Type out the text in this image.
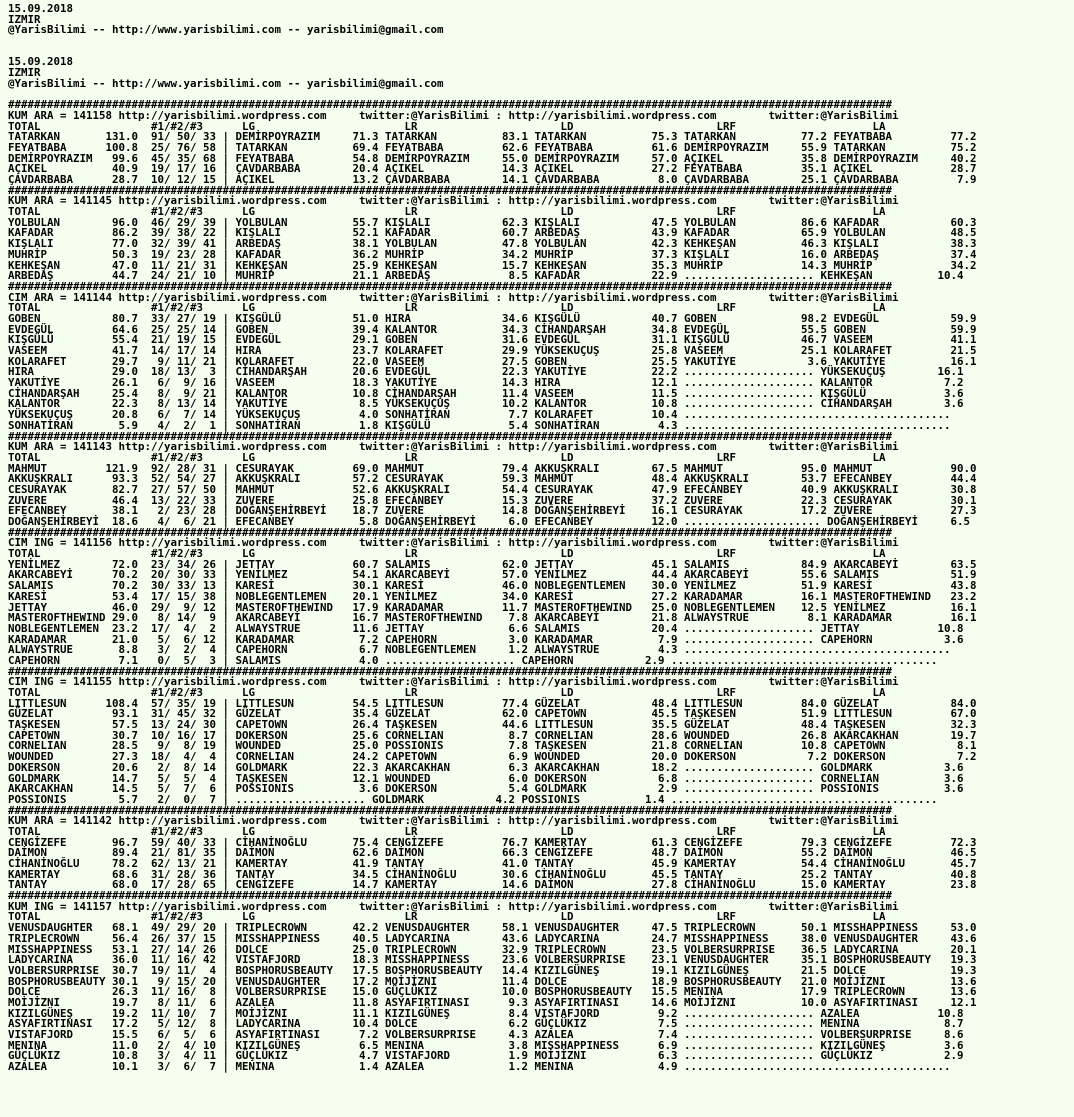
15.09.2018
IZMIR
@YarisBilimi -- http://www.yarisbilimi.com -- yarisbilimi@gmail.com

15.09.2018
IZMIR
@YarisBilimi -- http://www.yarisbilimi.com -- yarisbilimi@gmail.com

########################################################################################################################################
KUM ARA = 141158 http://yarisbilimi.wordpress.com     twitter:@YarisBilimi : http://yarisbilimi.wordpress.com        twitter:@YarisBilimi
TOTAL                 #1/#2/#3      LG                       LR                      LD                      LRF                     LA
TATARKAN       131.0  91/ 50/ 33 | DEMİRPOYRAZIM     71.3 TATARKAN          83.1 TATARKAN          75.3 TATARKAN          77.2 FEYATBABA         77.2
FEYATBABA      100.8  25/ 76/ 58 | TATARKAN          69.4 FEYATBABA         62.6 FEYATBABA         61.6 DEMİRPOYRAZIM     55.9 TATARKAN          75.2
DEMİRPOYRAZIM   99.6  45/ 35/ 68 | FEYATBABA         54.8 DEMİRPOYRAZIM     55.0 DEMİRPOYRAZIM     57.0 AÇIKEL            35.8 DEMİRPOYRAZIM     40.2
AÇIKEL          40.9  19/ 17/ 16 | ÇAVDARBABA        20.4 AÇIKEL            14.3 AÇIKEL            27.2 FEYATBABA         35.1 AÇIKEL            28.7
ÇAVDARBABA      28.7  10/ 12/ 15 | AÇIKEL            13.2 ÇAVDARBABA        14.1 ÇAVDARBABA         8.0 ÇAVDARBABA        25.1 ÇAVDARBABA         7.9
########################################################################################################################################
KUM ARA = 141145 http://yarisbilimi.wordpress.com     twitter:@YarisBilimi : http://yarisbilimi.wordpress.com        twitter:@YarisBilimi
TOTAL                 #1/#2/#3      LG                       LR                      LD                      LRF                     LA
YOLBULAN        96.0  46/ 29/ 39 | YOLBULAN          55.7 KIŞLALI           62.3 KIŞLALI           47.5 YOLBULAN          86.6 KAFADAR           60.3
KAFADAR         86.2  39/ 38/ 22 | KIŞLALI           52.1 KAFADAR           60.7 ARBEDAŞ           43.9 KAFADAR           65.9 YOLBULAN          48.5
KIŞLALI         77.0  32/ 39/ 41 | ARBEDAŞ           38.1 YOLBULAN          47.8 YOLBULAN          42.3 KEHKEŞAN          46.3 KIŞLALI           38.3
MUHRİP          50.3  19/ 23/ 28 | KAFADAR           36.2 MUHRİP            34.2 MUHRİP            37.3 KIŞLALI           16.0 ARBEDAŞ           37.4
KEHKEŞAN        47.0  11/ 21/ 31 | KEHKEŞAN          25.9 KEHKEŞAN          15.7 KEHKEŞAN          35.3 MUHRİP            14.3 MUHRİP            34.2
ARBEDAŞ         44.7  24/ 21/ 10 | MUHRİP            21.1 ARBEDAŞ            8.5 KAFADAR           22.9 .................... KEHKEŞAN          10.4
########################################################################################################################################
CIM ARA = 141144 http://yarisbilimi.wordpress.com     twitter:@YarisBilimi : http://yarisbilimi.wordpress.com        twitter:@YarisBilimi
TOTAL                 #1/#2/#3      LG                       LR                      LD                      LRF                     LA
GOBEN           80.7  33/ 27/ 19 | KIŞGÜLÜ           51.0 HIRA              34.6 KIŞGÜLÜ           40.7 GOBEN             98.2 EVDEGÜL           59.9
EVDEGÜL         64.6  25/ 25/ 14 | GOBEN             39.4 KALANTOR          34.3 CİHANDARŞAH       34.8 EVDEGÜL           55.5 GOBEN             59.9
KIŞGÜLÜ         55.4  21/ 19/ 15 | EVDEGÜL           29.1 GOBEN             31.6 EVDEGÜL           31.1 KIŞGÜLÜ           46.7 VASEEM            41.1
VASEEM          41.7  14/ 17/ 14 | HIRA              23.7 KOLARAFET         29.9 YÜKSEKUÇUŞ        25.8 VASEEM            25.1 KOLARAFET         21.5
KOLARAFET       29.7   9/ 11/ 21 | KOLARAFET         22.0 VASEEM            27.5 GOBEN             25.5 YAKUTİYE           3.6 YAKUTİYE          16.1
HIRA            29.0  18/ 13/  3 | CİHANDARŞAH       20.6 EVDEGÜL           22.3 YAKUTİYE          22.2 .................... YÜKSEKUÇUŞ        16.1
YAKUTİYE        26.1   6/  9/ 16 | VASEEM            18.3 YAKUTİYE          14.3 HIRA              12.1 .................... KALANTOR           7.2
CİHANDARŞAH     25.4   8/  9/ 21 | KALANTOR          10.8 CİHANDARŞAH       11.4 VASEEM            11.5 .................... KIŞGÜLÜ            3.6
KALANTOR        22.3   8/ 13/ 14 | YAKUTİYE           8.5 YÜKSEKUÇUŞ        10.2 KALANTOR          10.8 .................... CİHANDARŞAH        3.6
YÜKSEKUÇUŞ      20.8   6/  7/ 14 | YÜKSEKUÇUŞ         4.0 SONHATİRAN         7.7 KOLARAFET         10.4 .........................................
SONHATİRAN       5.9   4/  2/  1 | SONHATİRAN         1.8 KIŞGÜLÜ            5.4 SONHATİRAN         4.3 .........................................
########################################################################################################################################
KUM ARA = 141143 http://yarisbilimi.wordpress.com     twitter:@YarisBilimi : http://yarisbilimi.wordpress.com        twitter:@YarisBilimi
TOTAL                 #1/#2/#3      LG                       LR                      LD                      LRF                     LA
MAHMUT         121.9  92/ 28/ 31 | CESURAYAK         69.0 MAHMUT            79.4 AKKUŞKRALI        67.5 MAHMUT            95.0 MAHMUT            90.0
AKKUŞKRALI      93.3  52/ 54/ 27 | AKKUŞKRALI        57.2 CESURAYAK         59.3 MAHMUT            48.4 AKKUŞKRALI        53.7 EFECANBEY         44.4
CESURAYAK       82.7  27/ 57/ 50 | MAHMUT            52.6 AKKUŞKRALI        54.4 CESURAYAK         47.9 EFECANBEY         40.9 AKKUŞKRALI        30.8
ZUVERE          46.4  13/ 22/ 33 | ZUVERE            25.8 EFECANBEY         15.3 ZUVERE            37.2 ZUVERE            22.3 CESURAYAK         30.1
EFECANBEY       38.1   2/ 23/ 28 | DOĞANŞEHİRBEYİ    18.7 ZUVERE            14.8 DOĞANŞEHİRBEYİ    16.1 CESURAYAK         17.2 ZUVERE            27.3
DOĞANŞEHİRBEYİ  18.6   4/  6/ 21 | EFECANBEY          5.8 DOĞANŞEHİRBEYİ     6.0 EFECANBEY         12.0 ..................... DOĞANŞEHİRBEYİ     6.5
########################################################################################################################################
CIM ING = 141156 http://yarisbilimi.wordpress.com     twitter:@YarisBilimi : http://yarisbilimi.wordpress.com        twitter:@YarisBilimi
TOTAL                 #1/#2/#3      LG                       LR                      LD                      LRF                     LA
YENİLMEZ        72.0  23/ 34/ 26 | JETTAY            60.7 SALAMIS           62.0 JETTAY            45.1 SALAMIS           84.9 AKARCABEYİ        63.5
AKARCABEYİ      70.2  20/ 30/ 33 | YENİLMEZ          54.1 AKARCABEYİ        57.0 YENİLMEZ          44.4 AKARCABEYİ        55.6 SALAMIS           51.9
SALAMIS         70.2  30/ 33/ 13 | KARESİ            30.1 KARESİ            46.0 NOBLEGENTLEMEN    30.0 YENİLMEZ          51.9 KARESİ            43.8
KARESİ          53.4  17/ 15/ 38 | NOBLEGENTLEMEN    20.1 YENİLMEZ          34.0 KARESİ            27.2 KARADAMAR         16.1 MASTEROFTHEWIND   23.2
JETTAY          46.0  29/  9/ 12 | MASTEROFTHEWIND   17.9 KARADAMAR         11.7 MASTEROFTHEWIND   25.0 NOBLEGENTLEMEN    12.5 YENİLMEZ          16.1
MASTEROFTHEWIND 29.0   8/ 14/  9 | AKARCABEYİ        16.7 MASTEROFTHEWIND    7.8 AKARCABEYİ        21.8 ALWAYSTRUE         8.1 KARADAMAR         16.1
NOBLEGENTLEMEN  23.2  17/  4/  2 | ALWAYSTRUE        11.6 JETTAY             6.6 SALAMIS           20.4 .................... JETTAY            10.8
KARADAMAR       21.0   5/  6/ 12 | KARADAMAR          7.2 CAPEHORN           3.0 KARADAMAR          7.9 .................... CAPEHORN           3.6
ALWAYSTRUE       8.8   3/  2/  4 | CAPEHORN           6.7 NOBLEGENTLEMEN     1.2 ALWAYSTRUE         4.3 .........................................
CAPEHORN         7.1   0/  5/  3 | SALAMIS            4.0 .................... CAPEHORN           2.9 .........................................
########################################################################################################################################
CIM ING = 141155 http://yarisbilimi.wordpress.com     twitter:@YarisBilimi : http://yarisbilimi.wordpress.com        twitter:@YarisBilimi
TOTAL                 #1/#2/#3      LG                       LR                      LD                      LRF                     LA
LITTLESUN      108.4  57/ 35/ 19 | LITTLESUN         54.5 LITTLESUN         77.4 GÜZELAT           48.4 LITTLESUN         84.0 GÜZELAT           84.0
GÜZELAT         93.1  31/ 45/ 32 | GÜZELAT           35.4 GÜZELAT           62.0 CAPETOWN          45.5 TAŞKESEN          51.9 LITTLESUN         67.0
TAŞKESEN        57.5  13/ 24/ 30 | CAPETOWN          26.4 TAŞKESEN          44.6 LITTLESUN         35.5 GÜZELAT           48.4 TAŞKESEN          32.3
CAPETOWN        30.7  10/ 16/ 17 | DOKERSON          25.6 CORNELIAN          8.7 CORNELIAN         28.6 WOUNDED           26.8 AKARCAKHAN        19.7
CORNELIAN       28.5   9/  8/ 19 | WOUNDED           25.0 POSSIONIS          7.8 TAŞKESEN          21.8 CORNELIAN         10.8 CAPETOWN           8.1
WOUNDED         27.3  18/  4/  4 | CORNELIAN         24.2 CAPETOWN           6.9 WOUNDED           20.0 DOKERSON           7.2 DOKERSON           7.2
DOKERSON        20.6   2/  8/ 14 | GOLDMARK          22.3 AKARCAKHAN         6.3 AKARCAKHAN        18.2 .................... GOLDMARK           3.6
GOLDMARK        14.7   5/  5/  4 | TAŞKESEN          12.1 WOUNDED            6.0 DOKERSON           6.8 .................... CORNELIAN          3.6
AKARCAKHAN      14.5   5/  7/  6 | POSSIONIS          3.6 DOKERSON           5.4 GOLDMARK           2.9 .................... POSSIONIS          3.6
POSSIONIS        5.7   2/  0/  7 | .................... GOLDMARK           4.2 POSSIONIS          1.4 .........................................
########################################################################################################################################
KUM ARA = 141142 http://yarisbilimi.wordpress.com     twitter:@YarisBilimi : http://yarisbilimi.wordpress.com        twitter:@YarisBilimi
TOTAL                 #1/#2/#3      LG                       LR                      LD                      LRF                     LA
CENGİZEFE       96.7  59/ 40/ 33 | CİHANİNOĞLU       75.4 CENGİZEFE         76.7 KAMERTAY          61.3 CENGİZEFE         79.3 CENGİZEFE         72.3
DAİMON          89.4  21/ 81/ 35 | DAİMON            62.6 DAİMON            66.3 CENGİZEFE         48.7 DAİMON            55.2 DAİMON            46.5
CİHANİNOĞLU     78.2  62/ 13/ 21 | KAMERTAY          41.9 TANTAY            41.0 TANTAY            45.9 KAMERTAY          54.4 CİHANİNOĞLU       45.7
KAMERTAY        68.6  31/ 28/ 36 | TANTAY            34.5 CİHANİNOĞLU       30.6 CİHANİNOĞLU       45.5 TANTAY            25.2 TANTAY            40.8
TANTAY          68.0  17/ 28/ 65 | CENGİZEFE         14.7 KAMERTAY          14.6 DAİMON            27.8 CİHANİNOĞLU       15.0 KAMERTAY          23.8
########################################################################################################################################
KUM ING = 141157 http://yarisbilimi.wordpress.com     twitter:@YarisBilimi : http://yarisbilimi.wordpress.com        twitter:@YarisBilimi
TOTAL                 #1/#2/#3      LG                       LR                      LD                      LRF                     LA
VENUSDAUGHTER   68.1  49/ 29/ 20 | TRIPLECROWN       42.2 VENUSDAUGHTER     58.1 VENUSDAUGHTER     47.5 TRIPLECROWN       50.1 MISSHAPPINESS     53.0
TRIPLECROWN     56.4  26/ 37/ 15 | MISSHAPPINESS     40.5 LADYCARINA        43.6 LADYCARINA        24.7 MISSHAPPINESS     38.0 VENUSDAUGHTER     43.6
MISSHAPPINESS   53.1  27/ 14/ 26 | DOLCE             25.0 TRIPLECROWN       32.9 TRIPLECROWN       23.5 VOLBERSURPRISE    36.5 LADYCARINA        20.1
LADYCARINA      36.0  11/ 16/ 42 | VISTAFJORD        18.3 MISSHAPPINESS     23.6 VOLBERSURPRISE    23.1 VENUSDAUGHTER     35.1 BOSPHORUSBEAUTY   19.3
VOLBERSURPRISE  30.7  19/ 11/  4 | BOSPHORUSBEAUTY   17.5 BOSPHORUSBEAUTY   14.4 KIZILGÜNEŞ        19.1 KIZILGÜNEŞ        21.5 DOLCE             19.3
BOSPHORUSBEAUTY 30.1   9/ 15/ 20 | VENUSDAUGHTER     17.2 MOİJİZNI          11.4 DOLCE             18.9 BOSPHORUSBEAUTY   21.0 MOİJİZNI          13.6
DOLCE           26.3  11/ 16/  8 | VOLBERSURPRISE    15.0 GÜÇLÜKIZ          10.0 BOSPHORUSBEAUTY   15.5 MENINA            17.9 TRIPLECROWN       13.6
MOİJİZNI        19.7   8/ 11/  6 | AZALEA            11.8 ASYAFIRTINASI      9.3 ASYAFIRTINASI     14.6 MOİJİZNI          10.0 ASYAFIRTINASI     12.1
KIZILGÜNEŞ      19.2  11/ 10/  7 | MOİJİZNI          11.1 KIZILGÜNEŞ         8.4 VISTAFJORD         9.2 .................... AZALEA            10.8
ASYAFIRTINASI   17.2   5/ 12/  8 | LADYCARINA        10.4 DOLCE              6.2 GÜÇLÜKIZ           7.5 .................... MENINA             8.7
VISTAFJORD      15.5   6/  5/  6 | ASYAFIRTINASI      7.2 VOLBERSURPRISE     4.3 AZALEA             7.4 .................... VOLBERSURPRISE     8.6
MENINA          11.0   2/  4/ 10 | KIZILGÜNEŞ         6.5 MENINA             3.8 MISSHAPPINESS      6.9 .................... KIZILGÜNEŞ         3.6
GÜÇLÜKIZ        10.8   3/  4/ 11 | GÜÇLÜKIZ           4.7 VISTAFJORD         1.9 MOİJİZNI           6.3 .................... GÜÇLÜKIZ           2.9
AZALEA          10.1   3/  6/  7 | MENINA             1.4 AZALEA             1.2 MENINA             4.9 .........................................
